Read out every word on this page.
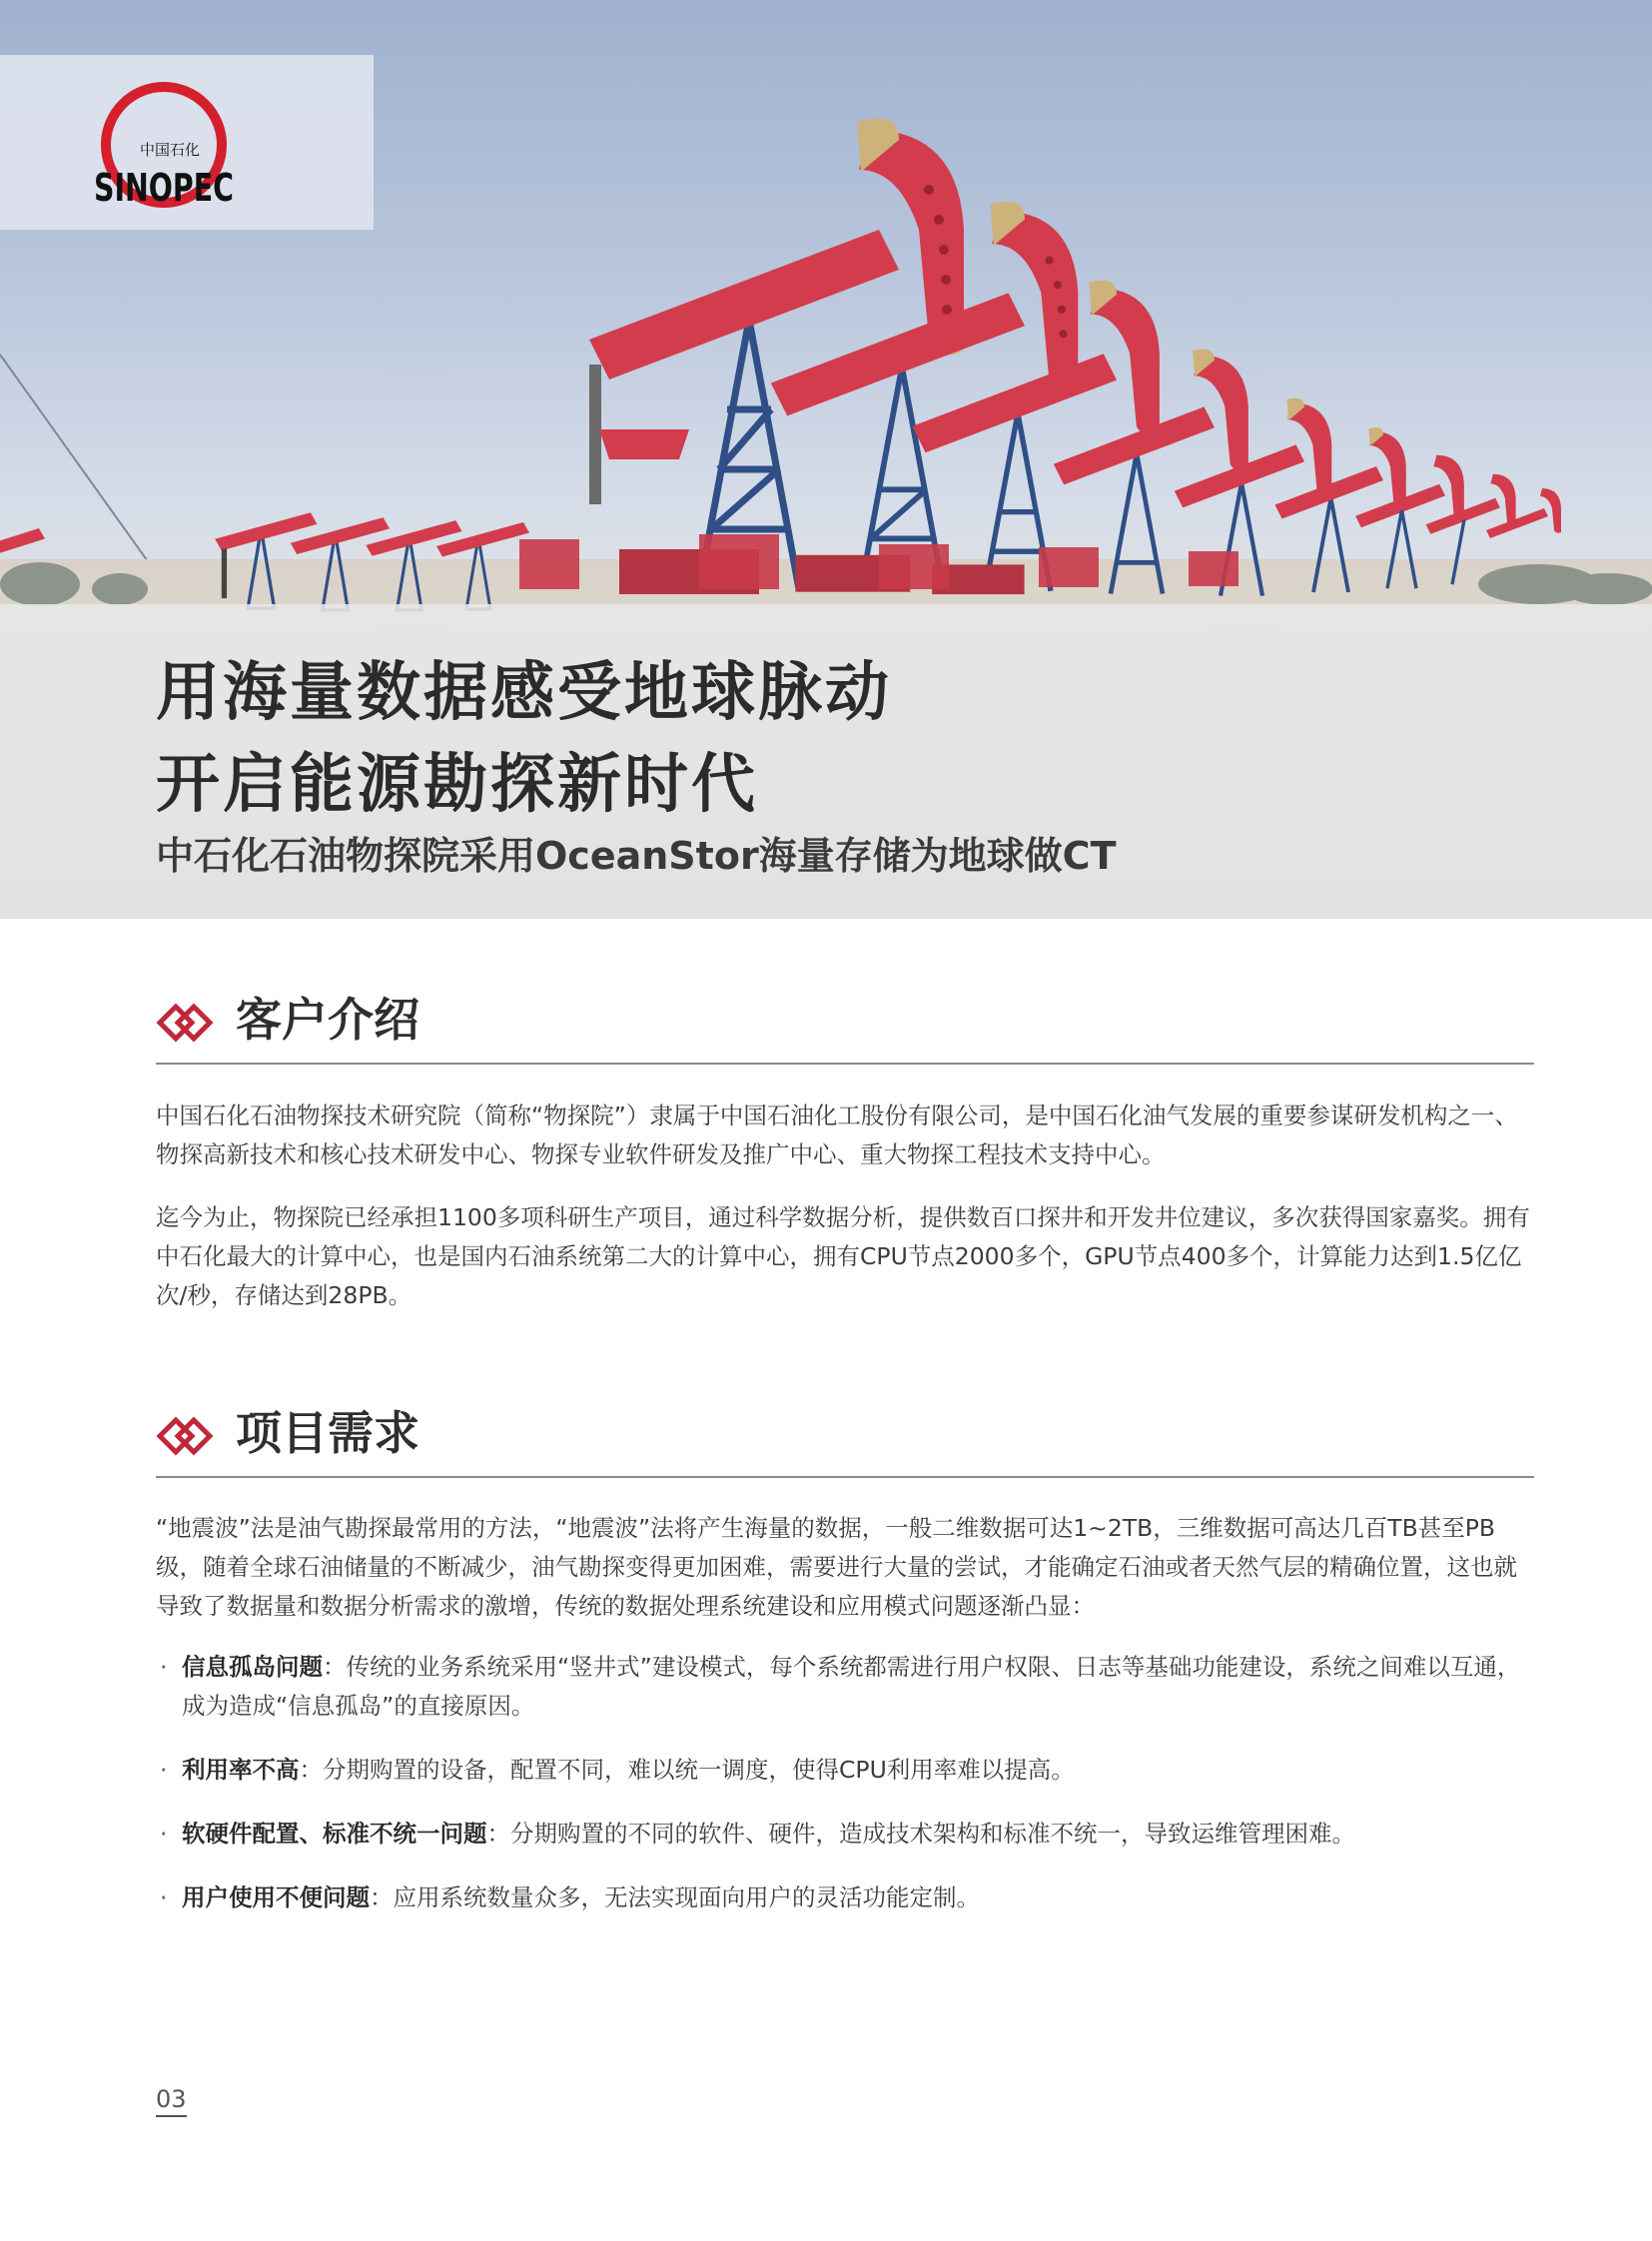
中国石化
SINOPEC
用海量数据感受地球脉动
开启能源勘探新时代

中石化石油物探院采用OceanStor海量存储为地球做CT

客户介绍

中国石化石油物探技术研究院（简称“物探院”）隶属于中国石油化工股份有限公司，是中国石化油气发展的重要参谋研发机构之一、物探高新技术和核心技术研发中心、物探专业软件研发及推广中心、重大物探工程技术支持中心。

迄今为止，物探院已经承担1100多项科研生产项目，通过科学数据分析，提供数百口探井和开发井位建议，多次获得国家嘉奖。拥有中石化最大的计算中心，也是国内石油系统第二大的计算中心，拥有CPU节点2000多个，GPU节点400多个，计算能力达到1.5亿亿次/秒，存储达到28PB。

项目需求

“地震波”法是油气勘探最常用的方法，“地震波”法将产生海量的数据，一般二维数据可达1~2TB，三维数据可高达几百TB甚至PB级，随着全球石油储量的不断减少，油气勘探变得更加困难，需要进行大量的尝试，才能确定石油或者天然气层的精确位置，这也就导致了数据量和数据分析需求的激增，传统的数据处理系统建设和应用模式问题逐渐凸显：

· 信息孤岛问题：传统的业务系统采用“竖井式”建设模式，每个系统都需进行用户权限、日志等基础功能建设，系统之间难以互通，成为造成“信息孤岛”的直接原因。
· 利用率不高：分期购置的设备，配置不同，难以统一调度，使得CPU利用率难以提高。
· 软硬件配置、标准不统一问题：分期购置的不同的软件、硬件，造成技术架构和标准不统一，导致运维管理困难。
· 用户使用不便问题：应用系统数量众多，无法实现面向用户的灵活功能定制。
03
